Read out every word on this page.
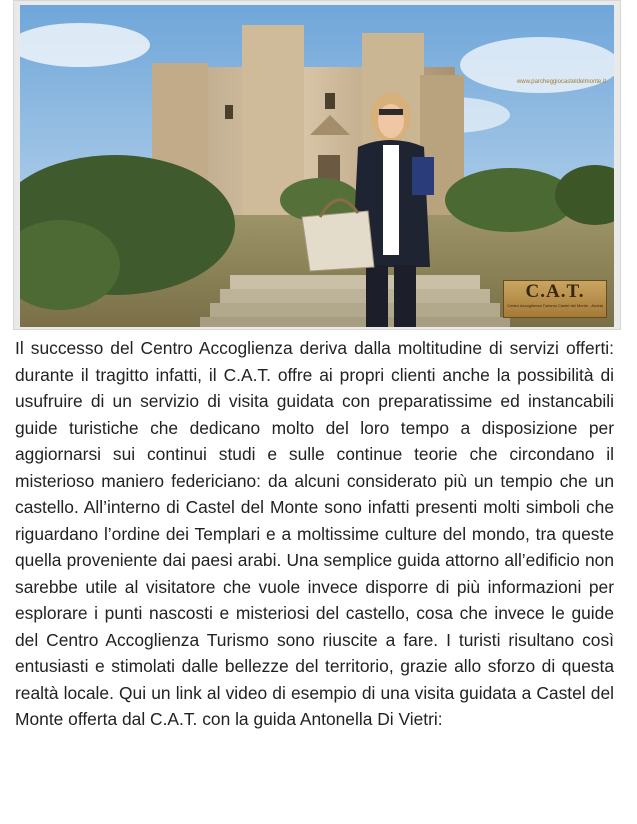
www.parcheggiocasteldelmonte.it
C.A.T.
Centro Accoglienza Turismo Castel del Monte - Andria

Il successo del Centro Accoglienza deriva dalla moltitudine di servizi offerti: durante il tragitto infatti, il C.A.T. offre ai propri clienti anche la possibilità di usufruire di un servizio di visita guidata con preparatissime ed instancabili guide turistiche che dedicano molto del loro tempo a disposizione per aggiornarsi sui continui studi e sulle continue teorie che circondano il misterioso maniero federiciano: da alcuni considerato più un tempio che un castello. All’interno di Castel del Monte sono infatti presenti molti simboli che riguardano l’ordine dei Templari e a moltissime culture del mondo, tra queste quella proveniente dai paesi arabi. Una semplice guida attorno all’edificio non sarebbe utile al visitatore che vuole invece disporre di più informazioni per esplorare i punti nascosti e misteriosi del castello, cosa che invece le guide del Centro Accoglienza Turismo sono riuscite a fare. I turisti risultano così entusiasti e stimolati dalle bellezze del territorio, grazie allo sforzo di questa realtà locale. Qui un link al video di esempio di una visita guidata a Castel del Monte offerta dal C.A.T. con la guida Antonella Di Vietri:
